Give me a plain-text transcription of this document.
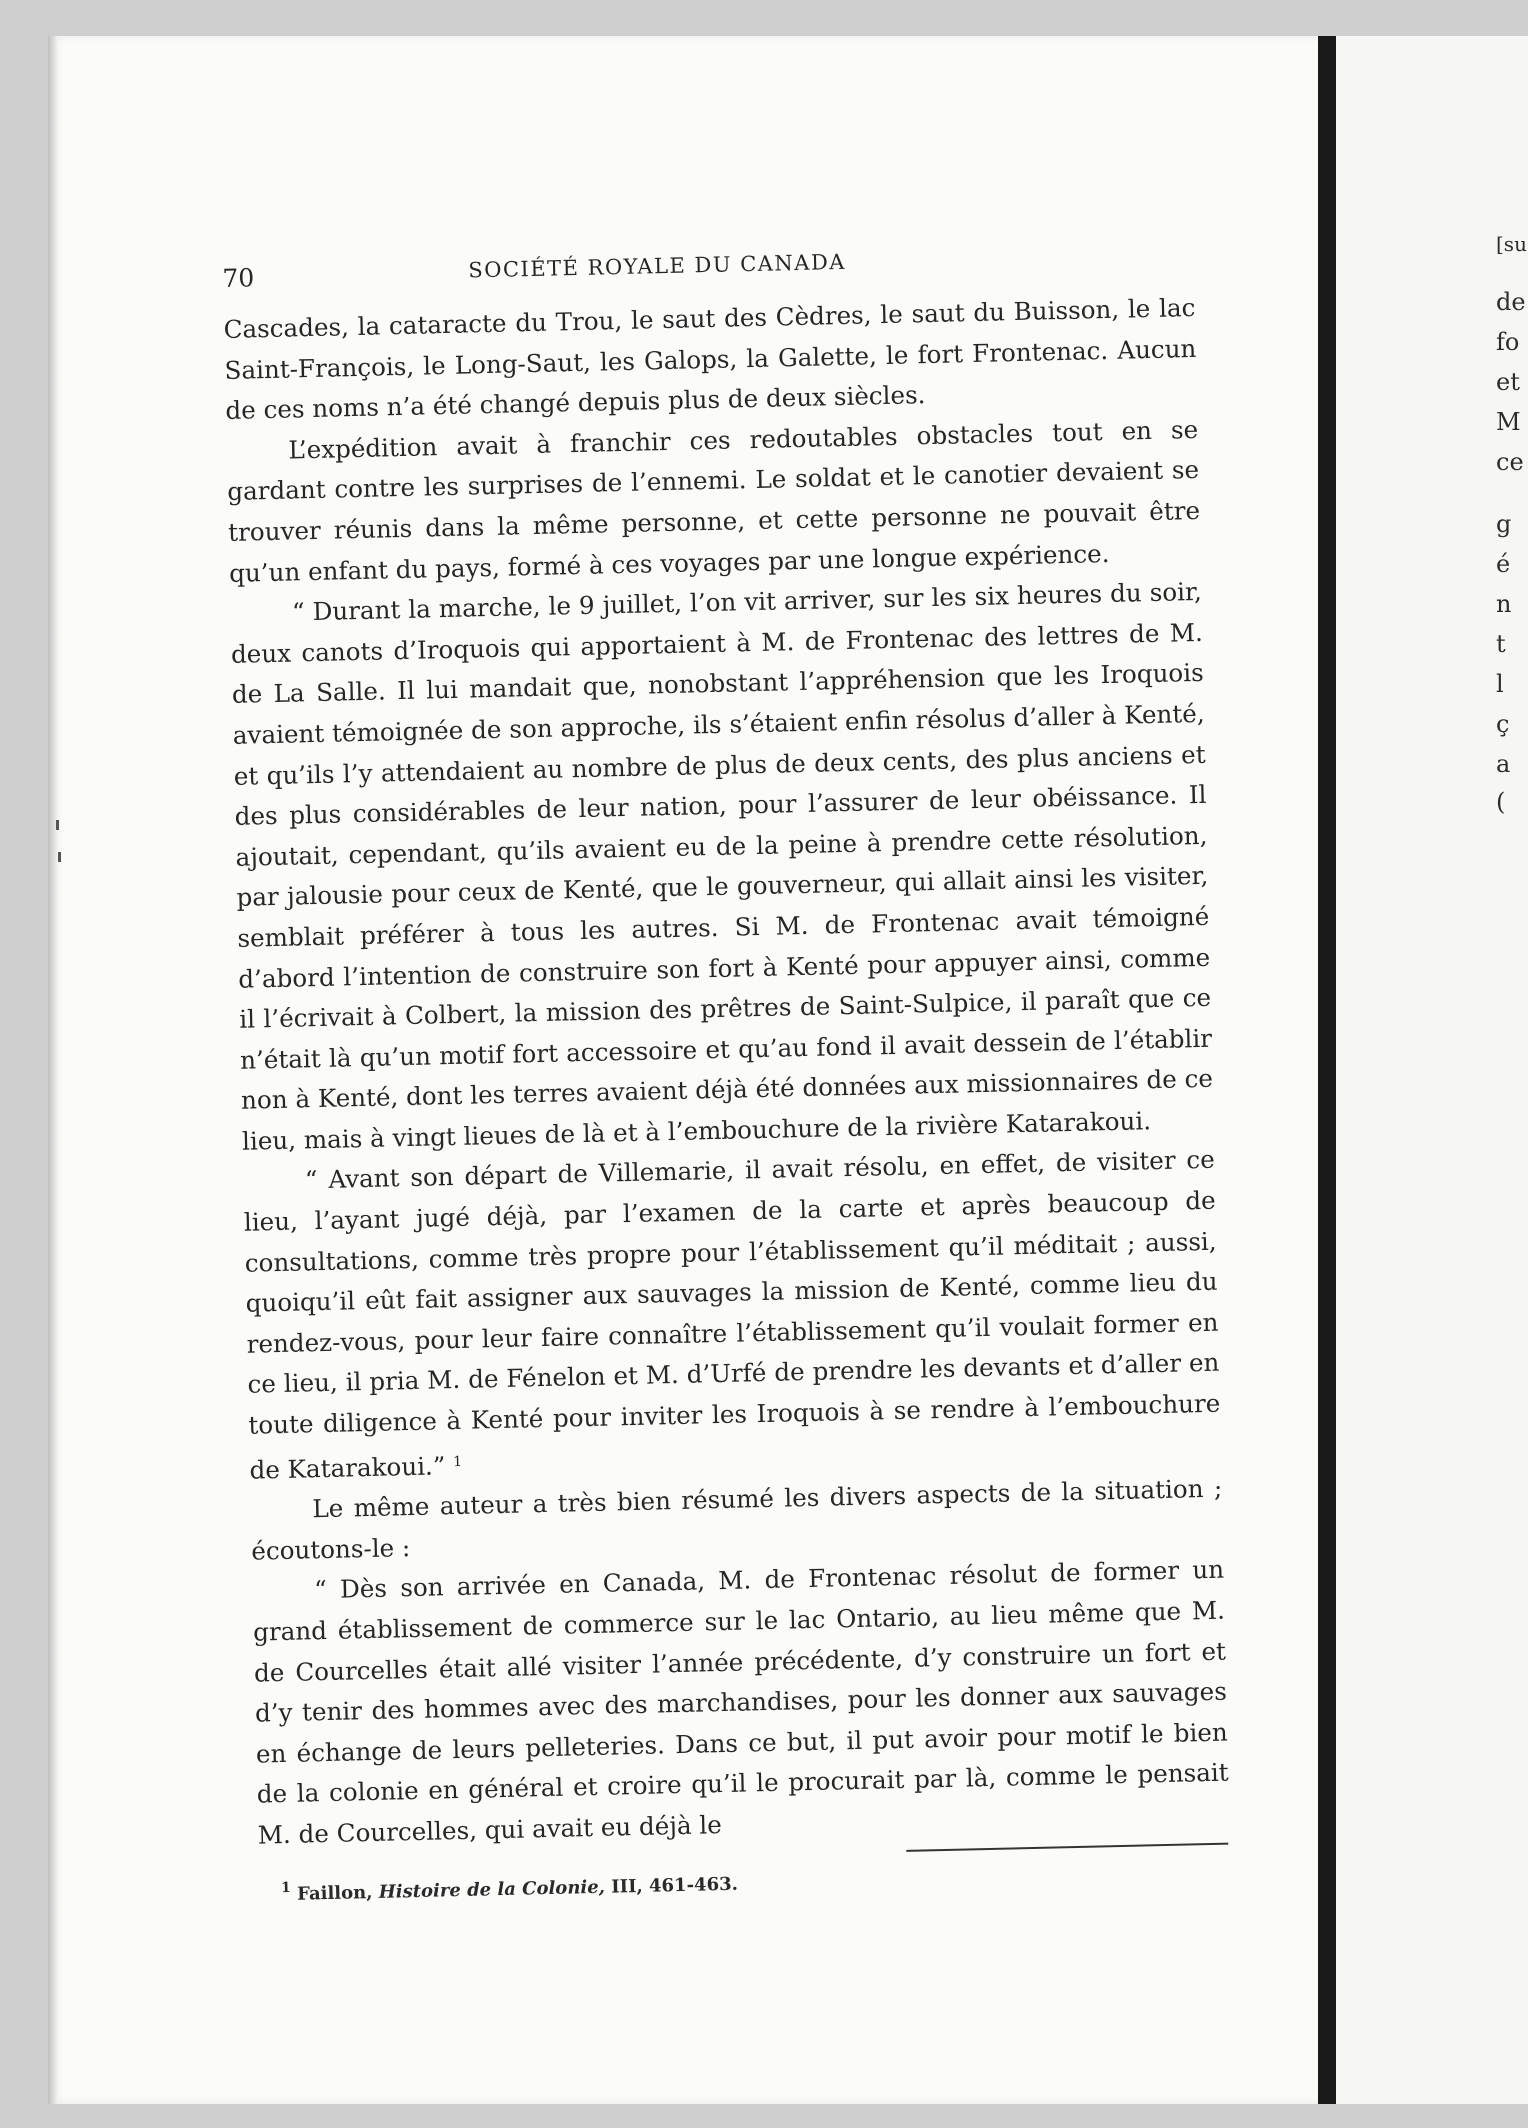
70	SOCIÉTÉ ROYALE DU CANADA

Cascades, la cataracte du Trou, le saut des Cèdres, le saut du Buisson, le lac Saint-François, le Long-Saut, les Galops, la Galette, le fort Frontenac. Aucun de ces noms n’a été changé depuis plus de deux siècles.

L’expédition avait à franchir ces redoutables obstacles tout en se gardant contre les surprises de l’ennemi. Le soldat et le canotier devaient se trouver réunis dans la même personne, et cette personne ne pouvait être qu’un enfant du pays, formé à ces voyages par une longue expérience.

“ Durant la marche, le 9 juillet, l’on vit arriver, sur les six heures du soir, deux canots d’Iroquois qui apportaient à M. de Frontenac des lettres de M. de La Salle. Il lui mandait que, nonobstant l’appréhension que les Iroquois avaient témoignée de son approche, ils s’étaient enfin résolus d’aller à Kenté, et qu’ils l’y attendaient au nombre de plus de deux cents, des plus anciens et des plus considérables de leur nation, pour l’assurer de leur obéissance. Il ajoutait, cependant, qu’ils avaient eu de la peine à prendre cette résolution, par jalousie pour ceux de Kenté, que le gouverneur, qui allait ainsi les visiter, semblait préférer à tous les autres. Si M. de Frontenac avait témoigné d’abord l’intention de construire son fort à Kenté pour appuyer ainsi, comme il l’écrivait à Colbert, la mission des prêtres de Saint-Sulpice, il paraît que ce n’était là qu’un motif fort accessoire et qu’au fond il avait dessein de l’établir non à Kenté, dont les terres avaient déjà été données aux missionnaires de ce lieu, mais à vingt lieues de là et à l’embouchure de la rivière Katarakoui.

“ Avant son départ de Villemarie, il avait résolu, en effet, de visiter ce lieu, l’ayant jugé déjà, par l’examen de la carte et après beaucoup de consultations, comme très propre pour l’établissement qu’il méditait ; aussi, quoiqu’il eût fait assigner aux sauvages la mission de Kenté, comme lieu du rendez-vous, pour leur faire connaître l’établissement qu’il voulait former en ce lieu, il pria M. de Fénelon et M. d’Urfé de prendre les devants et d’aller en toute diligence à Kenté pour inviter les Iroquois à se rendre à l’embouchure de Katarakoui.” $^1$

Le même auteur a très bien résumé les divers aspects de la situation ; écoutons-le :

“ Dès son arrivée en Canada, M. de Frontenac résolut de former un grand établissement de commerce sur le lac Ontario, au lieu même que M. de Courcelles était allé visiter l’année précédente, d’y construire un fort et d’y tenir des hommes avec des marchandises, pour les donner aux sauvages en échange de leurs pelleteries. Dans ce but, il put avoir pour motif le bien de la colonie en général et croire qu’il le procurait par là, comme le pensait M. de Courcelles, qui avait eu déjà le

$^1$ Faillon, Histoire de la Colonie, III, 461-463.
[su
de
fo
et
M
ce
g
é
n
t
l
ç
a
(
